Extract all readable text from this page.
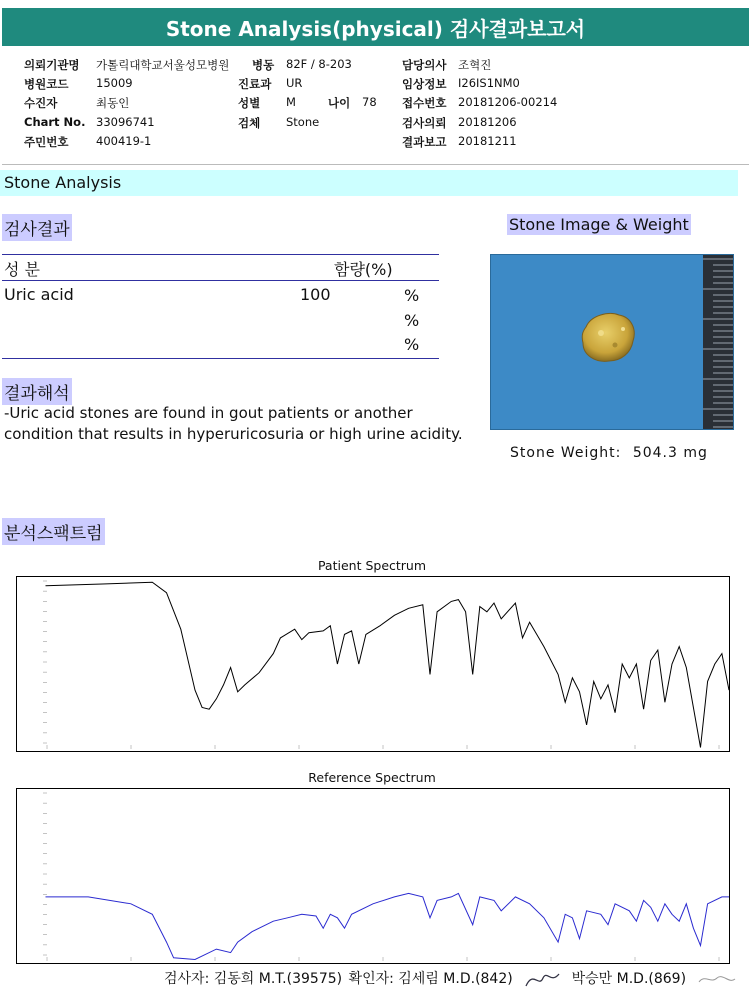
Stone Analysis(physical) 검사결과보고서
의뢰기관명 가톨릭대학교서울성모병원 병동 82F / 8-203	담당의사 조혁진
병원코드 15009	진료과 UR	임상정보 I26IS1NM0
수진자	최동인	성별 M	나이 78 접수번호 20181206-00214
Chart No. 33096741	검체 Stone	검사의뢰 20181206
주민번호 400419-1	결과보고 20181211
Stone Analysis
검사결과
성 분	함량(%)
Uric acid	100	%
%
%
결과해석
-Uric acid stones are found in gout patients or another condition that results in hyperuricosuria or high urine acidity.
Stone Image & Weight
Stone Weight: 504.3 mg
분석스팩트럼
Patient Spectrum
Reference Spectrum
검사자: 김동희 M.T.(39575) 확인자: 김세림 M.D.(842)	박승만 M.D.(869)
